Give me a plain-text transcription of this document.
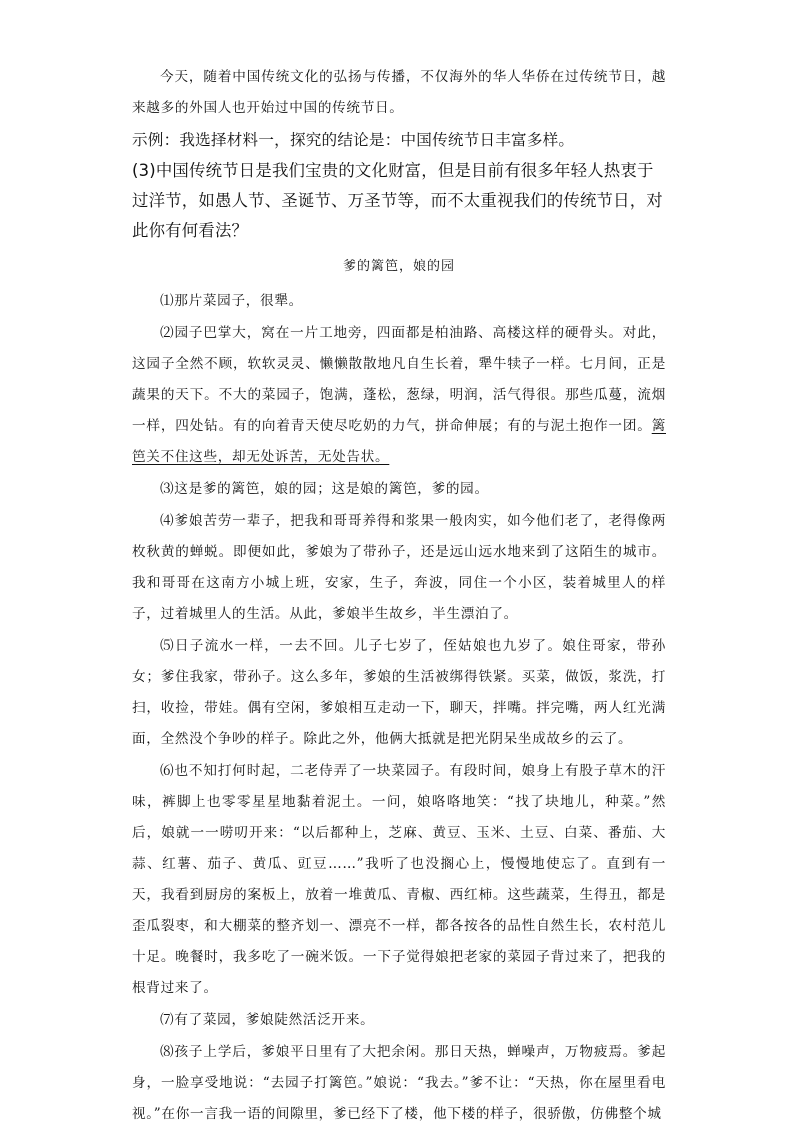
今天，随着中国传统文化的弘扬与传播，不仅海外的华人华侨在过传统节日，越来越多的外国人也开始过中国的传统节日。

示例：我选择材料一，探究的结论是：中国传统节日丰富多样。

(3)中国传统节日是我们宝贵的文化财富，但是目前有很多年轻人热衷于过洋节，如愚人节、圣诞节、万圣节等，而不太重视我们的传统节日，对此你有何看法？

爹的篱笆，娘的园

⑴那片菜园子，很犟。

⑵园子巴掌大，窝在一片工地旁，四面都是柏油路、高楼这样的硬骨头。对此，这园子全然不顾，软软灵灵、懒懒散散地凡自生长着，犟牛犊子一样。七月间，正是蔬果的天下。不大的菜园子，饱满，蓬松，葱绿，明润，活气得很。那些瓜蔓，流烟一样，四处钻。有的向着青天使尽吃奶的力气，拼命伸展；有的与泥土抱作一团。篱笆关不住这些，却无处诉苦，无处告状。

⑶这是爹的篱笆，娘的园；这是娘的篱笆，爹的园。

⑷爹娘苦劳一辈子，把我和哥哥养得和浆果一般肉实，如今他们老了，老得像两枚秋黄的蝉蜕。即便如此，爹娘为了带孙子，还是远山远水地来到了这陌生的城市。我和哥哥在这南方小城上班，安家，生子，奔波，同住一个小区，装着城里人的样子，过着城里人的生活。从此，爹娘半生故乡，半生漂泊了。

⑸日子流水一样，一去不回。儿子七岁了，侄姑娘也九岁了。娘住哥家，带孙女；爹住我家，带孙子。这么多年，爹娘的生活被绑得铁紧。买菜，做饭，浆洗，打扫，收捡，带娃。偶有空闲，爹娘相互走动一下，聊天，拌嘴。拌完嘴，两人红光满面，全然没个争吵的样子。除此之外，他俩大抵就是把光阴呆坐成故乡的云了。

⑹也不知打何时起，二老侍弄了一块菜园子。有段时间，娘身上有股子草木的汗味，裤脚上也零零星星地黏着泥土。一问，娘咯咯地笑：“找了块地儿，种菜。”然后，娘就一一唠叨开来：“以后都种上，芝麻、黄豆、玉米、土豆、白菜、番茄、大蒜、红薯、茄子、黄瓜、豇豆……”我听了也没搁心上，慢慢地使忘了。直到有一天，我看到厨房的案板上，放着一堆黄瓜、青椒、西红柿。这些蔬菜，生得丑，都是歪瓜裂枣，和大棚菜的整齐划一、漂亮不一样，都各按各的品性自然生长，农村范儿十足。晚餐时，我多吃了一碗米饭。一下子觉得娘把老家的菜园子背过来了，把我的根背过来了。

⑺有了菜园，爹娘陡然活泛开来。

⑻孩子上学后，爹娘平日里有了大把余闲。那日天热，蝉噪声，万物疲焉。爹起身，一脸享受地说：“去园子打篱笆。”娘说：“我去。”爹不让：“天热，你在屋里看电视。”在你一言我一语的间隙里，爹已经下了楼，他下楼的样子，很骄傲，仿佛整个城
